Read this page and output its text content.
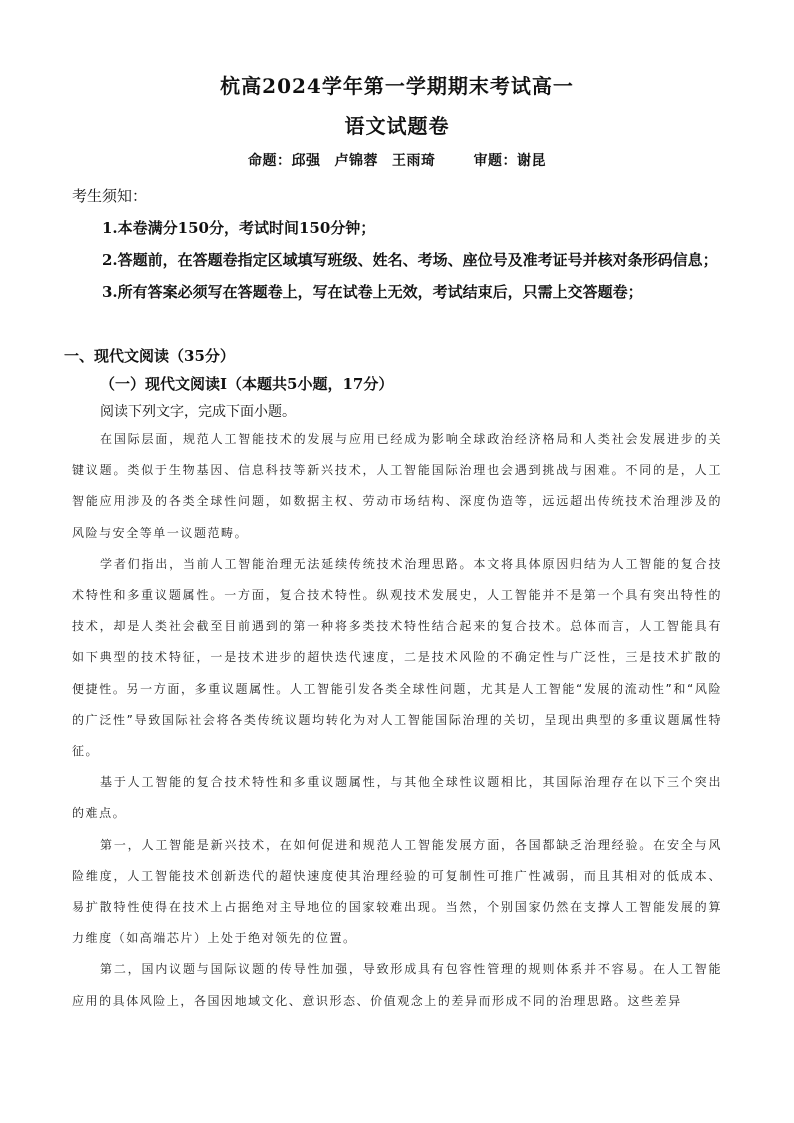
杭高2024学年第一学期期末考试高一
语文试题卷
命题：邱强 卢锦蓉 王雨琦	审题：谢昆
考生须知：

1.本卷满分150分，考试时间150分钟；

2.答题前，在答题卷指定区域填写班级、姓名、考场、座位号及准考证号并核对条形码信息；

3.所有答案必须写在答题卷上，写在试卷上无效，考试结束后，只需上交答题卷；

一、现代文阅读（35分）
（一）现代文阅读Ⅰ（本题共5小题，17分）
阅读下列文字，完成下面小题。

在国际层面，规范人工智能技术的发展与应用已经成为影响全球政治经济格局和人类社会发展进步的关键议题。类似于生物基因、信息科技等新兴技术，人工智能国际治理也会遇到挑战与困难。不同的是，人工智能应用涉及的各类全球性问题，如数据主权、劳动市场结构、深度伪造等，远远超出传统技术治理涉及的风险与安全等单一议题范畴。

学者们指出，当前人工智能治理无法延续传统技术治理思路。本文将具体原因归结为人工智能的复合技术特性和多重议题属性。一方面，复合技术特性。纵观技术发展史，人工智能并不是第一个具有突出特性的技术，却是人类社会截至目前遇到的第一种将多类技术特性结合起来的复合技术。总体而言，人工智能具有如下典型的技术特征，一是技术进步的超快迭代速度，二是技术风险的不确定性与广泛性，三是技术扩散的便捷性。另一方面，多重议题属性。人工智能引发各类全球性问题，尤其是人工智能“发展的流动性”和“风险的广泛性”导致国际社会将各类传统议题均转化为对人工智能国际治理的关切，呈现出典型的多重议题属性特征。

基于人工智能的复合技术特性和多重议题属性，与其他全球性议题相比，其国际治理存在以下三个突出的难点。

第一，人工智能是新兴技术，在如何促进和规范人工智能发展方面，各国都缺乏治理经验。在安全与风险维度，人工智能技术创新迭代的超快速度使其治理经验的可复制性可推广性减弱，而且其相对的低成本、易扩散特性使得在技术上占据绝对主导地位的国家较难出现。当然，个别国家仍然在支撑人工智能发展的算力维度（如高端芯片）上处于绝对领先的位置。

第二，国内议题与国际议题的传导性加强，导致形成具有包容性管理的规则体系并不容易。在人工智能应用的具体风险上，各国因地域文化、意识形态、价值观念上的差异而形成不同的治理思路。这些差异
